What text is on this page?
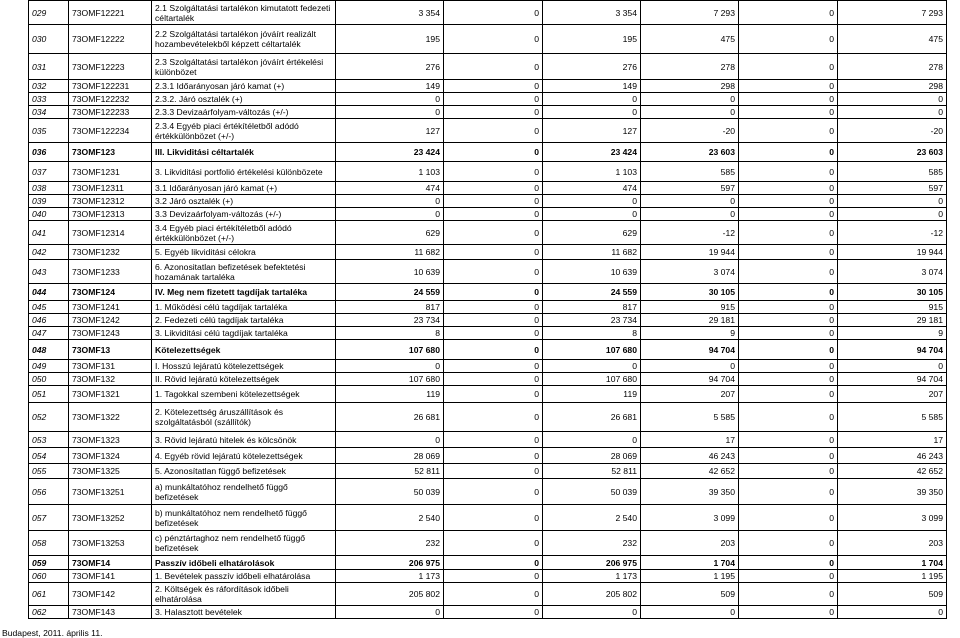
029	73OMF12221	2.1 Szolgáltatási tartalékon kimutatott fedezeti céltartalék	3 354	0	3 354	7 293	0	7 293
030	73OMF12222	2.2 Szolgáltatási tartalékon jóváírt realizált hozambevételekből képzett céltartalék	195	0	195	475	0	475
031	73OMF12223	2.3 Szolgáltatási tartalékon jóváírt értékelési különbözet	276	0	276	278	0	278
032	73OMF122231	2.3.1 Időarányosan járó kamat (+)	149	0	149	298	0	298
033	73OMF122232	2.3.2. Járó osztalék (+)	0	0	0	0	0	0
034	73OMF122233	2.3.3 Devizaárfolyam-változás (+/-)	0	0	0	0	0	0
035	73OMF122234	2.3.4 Egyéb piaci értékítéletből adódó értékkülönbözet (+/-)	127	0	127	-20	0	-20
036	73OMF123	III. Likviditási céltartalék	23 424	0	23 424	23 603	0	23 603
037	73OMF1231	3. Likviditási portfolió értékelési különbözete	1 103	0	1 103	585	0	585
038	73OMF12311	3.1 Időarányosan járó kamat (+)	474	0	474	597	0	597
039	73OMF12312	3.2 Járó osztalék (+)	0	0	0	0	0	0
040	73OMF12313	3.3 Devizaárfolyam-változás (+/-)	0	0	0	0	0	0
041	73OMF12314	3.4 Egyéb piaci értékítéletből adódó értékkülönbözet (+/-)	629	0	629	-12	0	-12
042	73OMF1232	5. Egyéb likviditási célokra	11 682	0	11 682	19 944	0	19 944
043	73OMF1233	6. Azonositatlan befizetések befektetési hozamának tartaléka	10 639	0	10 639	3 074	0	3 074
044	73OMF124	IV. Meg nem fizetett tagdíjak tartaléka	24 559	0	24 559	30 105	0	30 105
045	73OMF1241	1. Működési célú tagdíjak tartaléka	817	0	817	915	0	915
046	73OMF1242	2. Fedezeti célú tagdíjak tartaléka	23 734	0	23 734	29 181	0	29 181
047	73OMF1243	3. Likviditási célú tagdíjak tartaléka	8	0	8	9	0	9
048	73OMF13	Kötelezettségek	107 680	0	107 680	94 704	0	94 704
049	73OMF131	I. Hosszú lejáratú kötelezettségek	0	0	0	0	0	0
050	73OMF132	II. Rövid lejáratú kötelezettségek	107 680	0	107 680	94 704	0	94 704
051	73OMF1321	1. Tagokkal szembeni kötelezettségek	119	0	119	207	0	207
052	73OMF1322	2. Kötelezettség áruszállítások és szolgáltatásból (szállítók)	26 681	0	26 681	5 585	0	5 585
053	73OMF1323	3. Rövid lejáratú hitelek és kölcsönök	0	0	0	17	0	17
054	73OMF1324	4. Egyéb rövid lejáratú kötelezettségek	28 069	0	28 069	46 243	0	46 243
055	73OMF1325	5. Azonosítatlan függő befizetések	52 811	0	52 811	42 652	0	42 652
056	73OMF13251	a) munkáltatóhoz rendelhető függő befizetések	50 039	0	50 039	39 350	0	39 350
057	73OMF13252	b) munkáltatóhoz nem rendelhető függő befizetések	2 540	0	2 540	3 099	0	3 099
058	73OMF13253	c) pénztártaghoz nem rendelhető függő befizetések	232	0	232	203	0	203
059	73OMF14	Passzív időbeli elhatárolások	206 975	0	206 975	1 704	0	1 704
060	73OMF141	1. Bevételek passzív időbeli elhatárolása	1 173	0	1 173	1 195	0	1 195
061	73OMF142	2. Költségek és ráfordítások időbeli elhatárolása	205 802	0	205 802	509	0	509
062	73OMF143	3. Halasztott bevételek	0	0	0	0	0	0
Budapest, 2011. április 11.
